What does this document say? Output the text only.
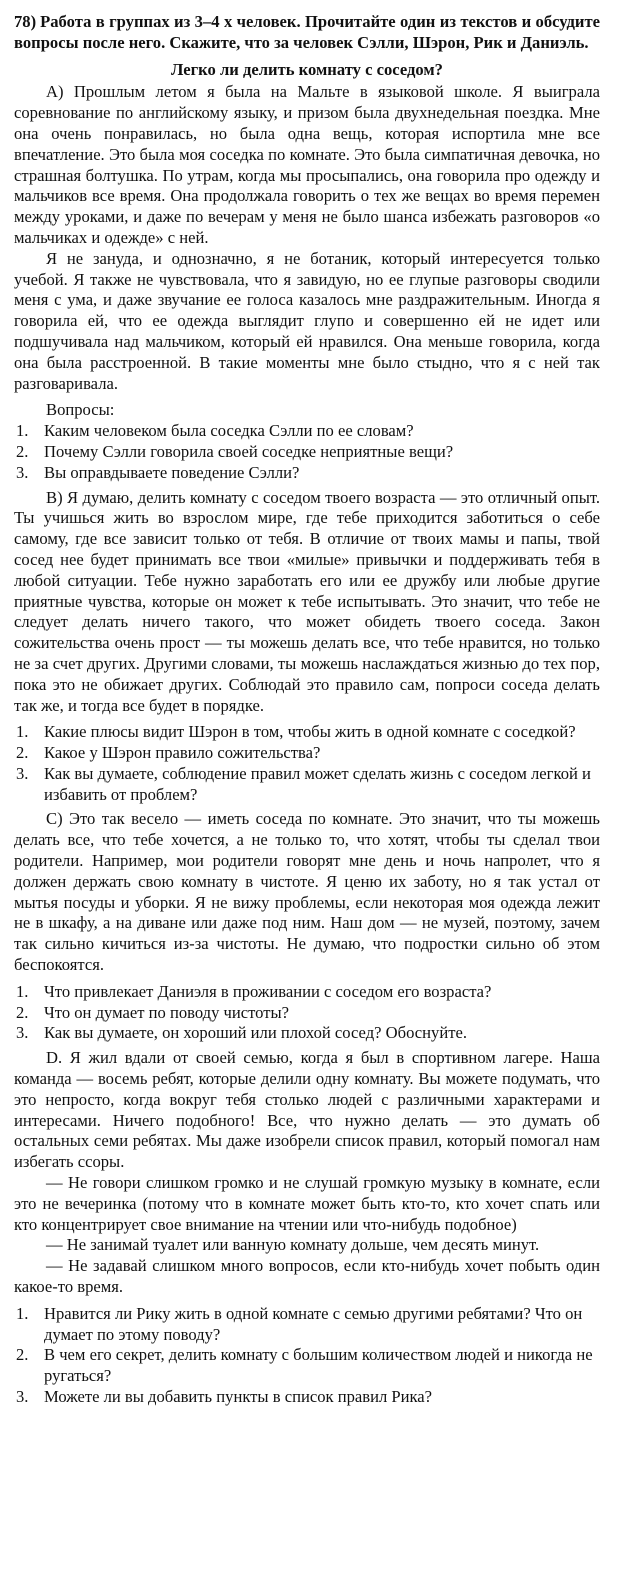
78) Работа в группах из 3–4 х человек. Прочитайте один из текстов и обсудите вопросы после него. Скажите, что за человек Сэлли, Шэрон, Рик и Даниэль.

Легко ли делить комнату с соседом?

А) Прошлым летом я была на Мальте в языковой школе. Я выиграла соревнование по английскому языку, и призом была двухнедельная поездка. Мне она очень понравилась, но была одна вещь, которая испортила мне все впечатление. Это была моя соседка по комнате. Это была симпатичная девочка, но страшная болтушка. По утрам, когда мы просыпались, она говорила про одежду и мальчиков все время. Она продолжала говорить о тех же вещах во время перемен между уроками, и даже по вечерам у меня не было шанса избежать разговоров «о мальчиках и одежде» с ней.

Я не зануда, и однозначно, я не ботаник, который интересуется только учебой. Я также не чувствовала, что я завидую, но ее глупые разговоры сводили меня с ума, и даже звучание ее голоса казалось мне раздражительным. Иногда я говорила ей, что ее одежда выглядит глупо и совершенно ей не идет или подшучивала над мальчиком, который ей нравился. Она меньше говорила, когда она была расстроенной. В такие моменты мне было стыдно, что я с ней так разговаривала.

Вопросы:
1. Каким человеком была соседка Сэлли по ее словам?
2. Почему Сэлли говорила своей соседке неприятные вещи?
3. Вы оправдываете поведение Сэлли?

В) Я думаю, делить комнату с соседом твоего возраста — это отличный опыт. Ты учишься жить во взрослом мире, где тебе приходится заботиться о себе самому, где все зависит только от тебя. В отличие от твоих мамы и папы, твой сосед нее будет принимать все твои «милые» привычки и поддерживать тебя в любой ситуации. Тебе нужно заработать его или ее дружбу или любые другие приятные чувства, которые он может к тебе испытывать. Это значит, что тебе не следует делать ничего такого, что может обидеть твоего соседа. Закон сожительства очень прост — ты можешь делать все, что тебе нравится, но только не за счет других. Другими словами, ты можешь наслаждаться жизнью до тех пор, пока это не обижает других. Соблюдай это правило сам, попроси соседа делать так же, и тогда все будет в порядке.

1. Какие плюсы видит Шэрон в том, чтобы жить в одной комнате с соседкой?
2. Какое у Шэрон правило сожительства?
3. Как вы думаете, соблюдение правил может сделать жизнь с соседом легкой и избавить от проблем?

С) Это так весело — иметь соседа по комнате. Это значит, что ты можешь делать все, что тебе хочется, а не только то, что хотят, чтобы ты сделал твои родители. Например, мои родители говорят мне день и ночь напролет, что я должен держать свою комнату в чистоте. Я ценю их заботу, но я так устал от мытья посуды и уборки. Я не вижу проблемы, если некоторая моя одежда лежит не в шкафу, а на диване или даже под ним. Наш дом — не музей, поэтому, зачем так сильно кичиться из-за чистоты. Не думаю, что подростки сильно об этом беспокоятся.

1. Что привлекает Даниэля в проживании с соседом его возраста?
2. Что он думает по поводу чистоты?
3. Как вы думаете, он хороший или плохой сосед? Обоснуйте.

D. Я жил вдали от своей семью, когда я был в спортивном лагере. Наша команда — восемь ребят, которые делили одну комнату. Вы можете подумать, что это непросто, когда вокруг тебя столько людей с различными характерами и интересами. Ничего подобного! Все, что нужно делать — это думать об остальных семи ребятах. Мы даже изобрели список правил, который помогал нам избегать ссоры.

— Не говори слишком громко и не слушай громкую музыку в комнате, если это не вечеринка (потому что в комнате может быть кто-то, кто хочет спать или кто концентрирует свое внимание на чтении или что-нибудь подобное)

— Не занимай туалет или ванную комнату дольше, чем десять минут.

— Не задавай слишком много вопросов, если кто-нибудь хочет побыть один какое-то время.

1. Нравится ли Рику жить в одной комнате с семью другими ребятами? Что он думает по этому поводу?
2. В чем его секрет, делить комнату с большим количеством людей и никогда не ругаться?
3. Можете ли вы добавить пункты в список правил Рика?
